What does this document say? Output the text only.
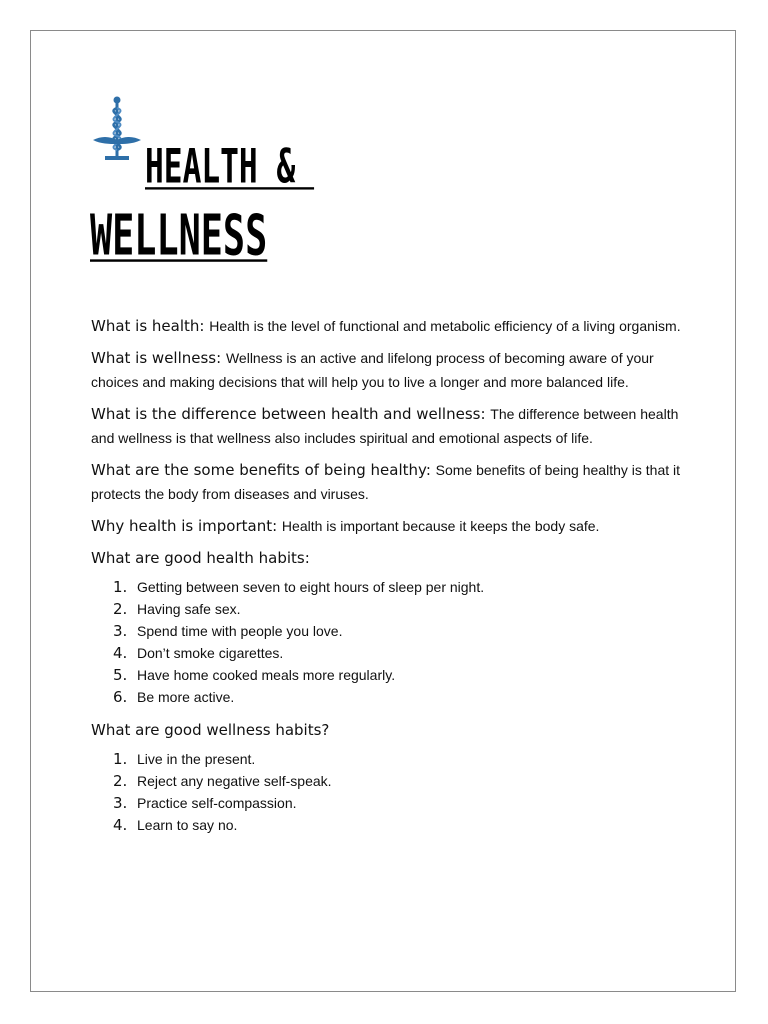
HEALTH &
WELLNESS

What is health: Health is the level of functional and metabolic efficiency of a living organism.

What is wellness: Wellness is an active and lifelong process of becoming aware of your choices and making decisions that will help you to live a longer and more balanced life.

What is the difference between health and wellness: The difference between health and wellness is that wellness also includes spiritual and emotional aspects of life.

What are the some benefits of being healthy: Some benefits of being healthy is that it protects the body from diseases and viruses.

Why health is important: Health is important because it keeps the body safe.

What are good health habits:

1. Getting between seven to eight hours of sleep per night.
2. Having safe sex.
3. Spend time with people you love.
4. Don’t smoke cigarettes.
5. Have home cooked meals more regularly.
6. Be more active.

What are good wellness habits?

1. Live in the present.
2. Reject any negative self-speak.
3. Practice self-compassion.
4. Learn to say no.
